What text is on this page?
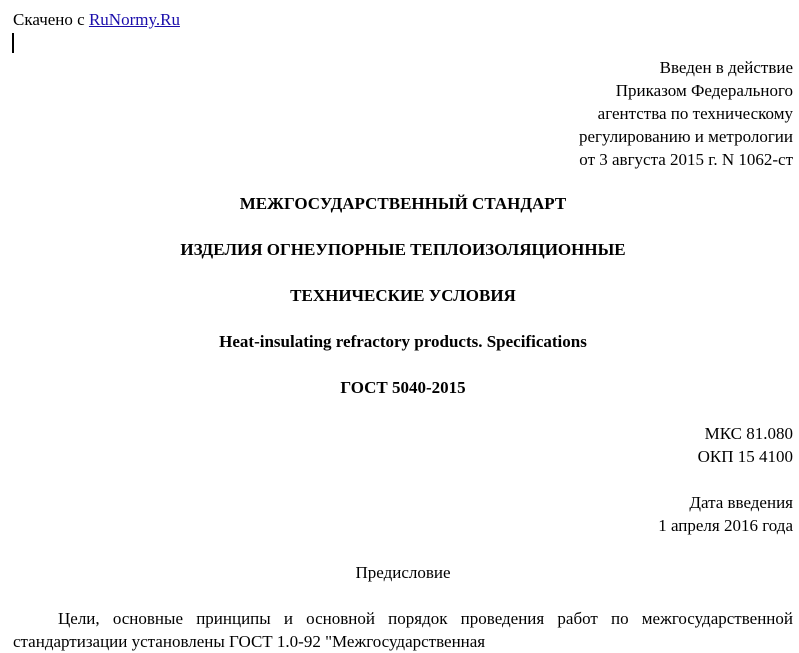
Скачено с RuNormy.Ru
Введен в действие
Приказом Федерального
агентства по техническому
регулированию и метрологии
от 3 августа 2015 г. N 1062-ст
МЕЖГОСУДАРСТВЕННЫЙ СТАНДАРТ
ИЗДЕЛИЯ ОГНЕУПОРНЫЕ ТЕПЛОИЗОЛЯЦИОННЫЕ
ТЕХНИЧЕСКИЕ УСЛОВИЯ
Heat-insulating refractory products. Specifications
ГОСТ 5040-2015
МКС 81.080
ОКП 15 4100
Дата введения
1 апреля 2016 года
Предисловие
Цели, основные принципы и основной порядок проведения работ по межгосударственной стандартизации установлены ГОСТ 1.0-92 "Межгосударственная
